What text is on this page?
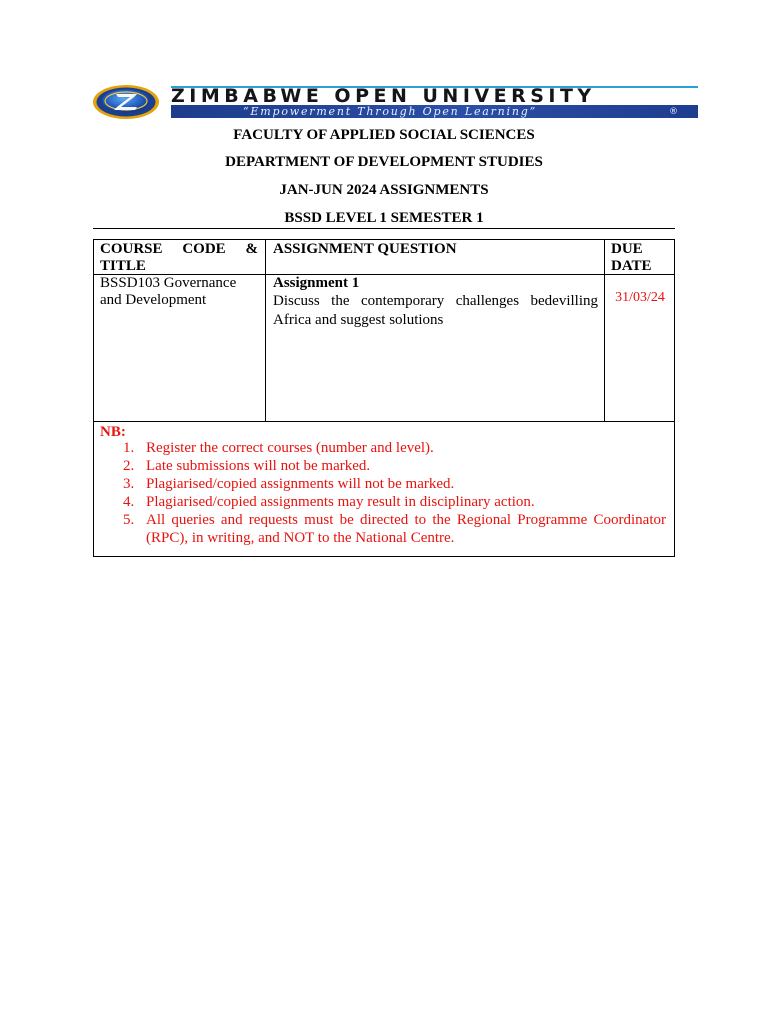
ZIMBABWE OPEN UNIVERSITY
“Empowerment Through Open Learning”	®
FACULTY OF APPLIED SOCIAL SCIENCES
DEPARTMENT OF DEVELOPMENT STUDIES
JAN-JUN 2024 ASSIGNMENTS
BSSD LEVEL 1 SEMESTER 1
COURSE CODE &
TITLE
ASSIGNMENT QUESTION	DUE
DATE
BSSD103 Governance
and Development
Assignment 1
Discuss the contemporary challenges bedevilling
Africa and suggest solutions
31/03/24
NB:
1. Register the correct courses (number and level).
2. Late submissions will not be marked.
3. Plagiarised/copied assignments will not be marked.
4. Plagiarised/copied assignments may result in disciplinary action.
5. All queries and requests must be directed to the Regional Programme Coordinator
(RPC), in writing, and NOT to the National Centre.
